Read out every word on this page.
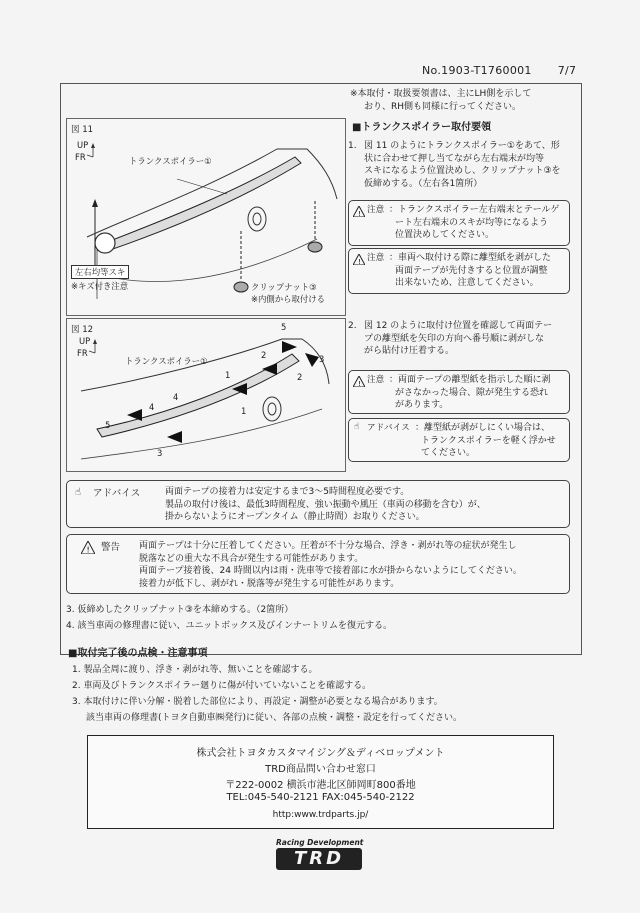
No.1903-T1760001 7/7
図 11
UP
FR	トランクスポイラー①
左右均等スキ
※キズ付き注意	クリップナット③
※内側から取付ける
図 12
UP
FR
トランクスポイラー①
5
2
1
3
4
5
3
1
2
4
※本取付・取扱要領書は、主にLH側を示して
おり、RH側も同様に行ってください。
■トランクスポイラー取付要領
1. 図 11 のようにトランクスポイラー①をあて、形
状に合わせて押し当てながら左右端末が均等
スキになるよう位置決めし、クリップナット③を
仮締めする。（左右各1箇所）
! 注意 ：トランクスポイラー左右端末とテールゲ
ート左右端末のスキが均等になるよう
位置決めしてください。
! 注意 ：車両へ取付ける際に離型紙を剥がした
両面テープが先付きすると位置が調整
出来ないため、注意してください。
2. 図 12 のように取付け位置を確認して両面テー
プの離型紙を矢印の方向へ番号順に剥がしな
がら貼付け圧着する。
! 注意 ：両面テープの離型紙を指示した順に剥
がさなかった場合、隙が発生する恐れ
があります。
☝ アドバイス ：離型紙が剥がしにくい場合は、
トランクスポイラーを軽く浮かせ
てください。
☝ アドバイス	両面テープの接着力は安定するまで3～5時間程度必要です。
製品の取付け後は、最低3時間程度、強い振動や風圧（車両の移動を含む）が、
掛からないようにオープンタイム（静止時間）お取りください。
! 警告 両面テープは十分に圧着してください。圧着が不十分な場合、浮き・剥がれ等の症状が発生し
脱落などの重大な不具合が発生する可能性があります。
両面テープ接着後、24 時間以内は雨・洗車等で接着部に水が掛からないようにしてください。
接着力が低下し、剥がれ・脱落等が発生する可能性があります。
3. 仮締めしたクリップナット③を本締めする。（2箇所）
4. 該当車両の修理書に従い、ユニットボックス及びインナートリムを復元する。
■取付完了後の点検・注意事項
1. 製品全周に渡り、浮き・剥がれ等、無いことを確認する。
2. 車両及びトランクスポイラー廻りに傷が付いていないことを確認する。
3. 本取付けに伴い分解・脱着した部位により、再設定・調整が必要となる場合があります。
該当車両の修理書(トヨタ自動車㈱発行)に従い、各部の点検・調整・設定を行ってください。
株式会社トヨタカスタマイジング＆ディベロップメント
TRD商品問い合わせ窓口
〒222-0002 横浜市港北区師岡町800番地
TEL:045-540-2121 FAX:045-540-2122
http:www.trdparts.jp/
Racing Development
TRD
